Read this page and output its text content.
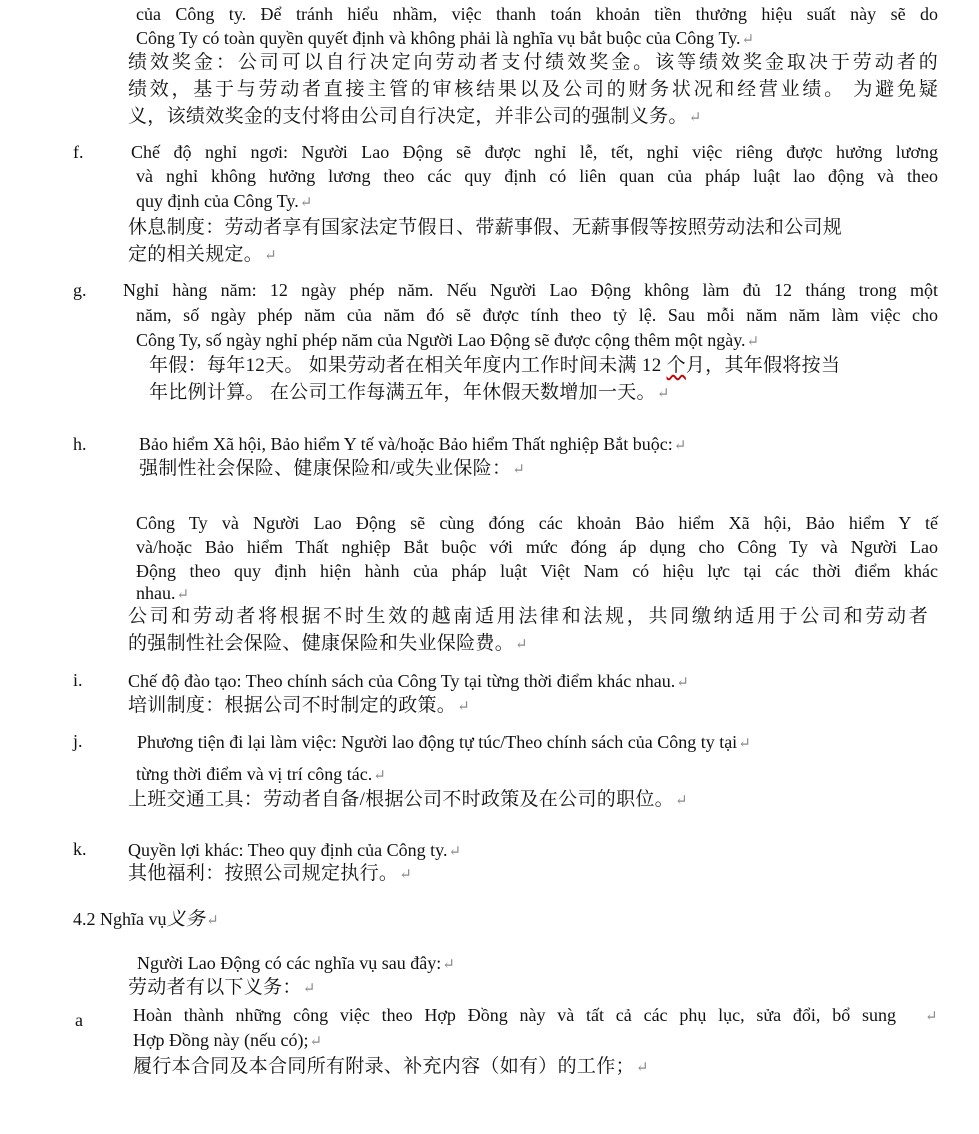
của Công ty. Để tránh hiểu nhầm, việc thanh toán khoản tiền thưởng hiệu suất này sẽ do
Công Ty có toàn quyền quyết định và không phải là nghĩa vụ bắt buộc của Công Ty.↵
绩效奖金：公司可以自行决定向劳动者支付绩效奖金。该等绩效奖金取决于劳动者的
绩效，基于与劳动者直接主管的审核结果以及公司的财务状况和经营业绩。 为避免疑
义，该绩效奖金的支付将由公司自行决定，并非公司的强制义务。↵
f.	Chế độ nghỉ ngơi: Người Lao Động sẽ được nghỉ lễ, tết, nghỉ việc riêng được hưởng lương
và nghỉ không hưởng lương theo các quy định có liên quan của pháp luật lao động và theo
quy định của Công Ty.↵
休息制度：劳动者享有国家法定节假日、带薪事假、无薪事假等按照劳动法和公司规
定的相关规定。↵
g. Nghỉ hàng năm: 12 ngày phép năm. Nếu Người Lao Động không làm đủ 12 tháng trong một
năm, số ngày phép năm của năm đó sẽ được tính theo tỷ lệ. Sau mỗi năm năm làm việc cho
Công Ty, số ngày nghỉ phép năm của Người Lao Động sẽ được cộng thêm một ngày.↵
年假：每年12天。 如果劳动者在相关年度内工作时间未满 12 个月，其年假将按当
年比例计算。 在公司工作每满五年，年休假天数增加一天。↵
h.	Bảo hiểm Xã hội, Bảo hiểm Y tế và/hoặc Bảo hiểm Thất nghiệp Bắt buộc:↵
强制性社会保险、健康保险和/或失业保险：↵
Công Ty và Người Lao Động sẽ cùng đóng các khoản Bảo hiểm Xã hội, Bảo hiểm Y tế
và/hoặc Bảo hiểm Thất nghiệp Bắt buộc với mức đóng áp dụng cho Công Ty và Người Lao
Động theo quy định hiện hành của pháp luật Việt Nam có hiệu lực tại các thời điểm khác
nhau.↵
公司和劳动者将根据不时生效的越南适用法律和法规，共同缴纳适用于公司和劳动者
的强制性社会保险、健康保险和失业保险费。↵
i.	Chế độ đào tạo: Theo chính sách của Công Ty tại từng thời điểm khác nhau.↵
培训制度：根据公司不时制定的政策。↵
j.	Phương tiện đi lại làm việc: Người lao động tự túc/Theo chính sách của Công ty tại↵
từng thời điểm và vị trí công tác.↵
上班交通工具：劳动者自备/根据公司不时政策及在公司的职位。↵
k. Quyền lợi khác: Theo quy định của Công ty.↵
其他福利：按照公司规定执行。↵
4.2 Nghĩa vụ义务↵
Người Lao Động có các nghĩa vụ sau đây:↵
劳动者有以下义务：↵
a	Hoàn thành những công việc theo Hợp Đồng này và tất cả các phụ lục, sửa đổi, bổ sung ↵
Hợp Đồng này (nếu có);↵
履行本合同及本合同所有附录、补充内容（如有）的工作；↵
